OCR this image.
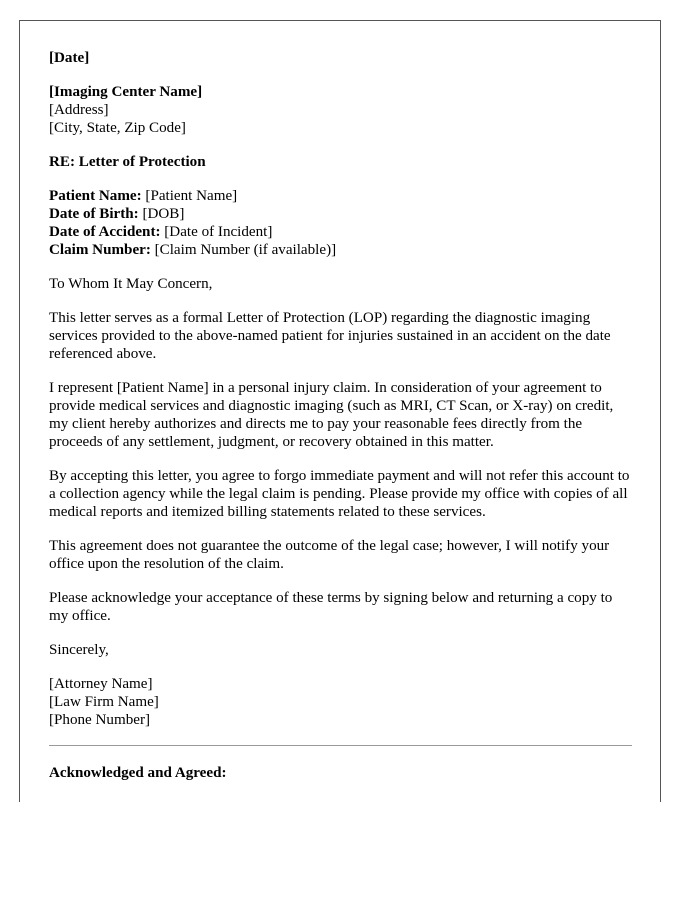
[Date]
[Imaging Center Name]
[Address]
[City, State, Zip Code]
RE: Letter of Protection
Patient Name: [Patient Name]
Date of Birth: [DOB]
Date of Accident: [Date of Incident]
Claim Number: [Claim Number (if available)]

To Whom It May Concern,

This letter serves as a formal Letter of Protection (LOP) regarding the diagnostic imaging services provided to the above-named patient for injuries sustained in an accident on the date referenced above.

I represent [Patient Name] in a personal injury claim. In consideration of your agreement to provide medical services and diagnostic imaging (such as MRI, CT Scan, or X-ray) on credit, my client hereby authorizes and directs me to pay your reasonable fees directly from the proceeds of any settlement, judgment, or recovery obtained in this matter.

By accepting this letter, you agree to forgo immediate payment and will not refer this account to a collection agency while the legal claim is pending. Please provide my office with copies of all medical reports and itemized billing statements related to these services.

This agreement does not guarantee the outcome of the legal case; however, I will notify your office upon the resolution of the claim.

Please acknowledge your acceptance of these terms by signing below and returning a copy to my office.

Sincerely,

[Attorney Name]
[Law Firm Name]
[Phone Number]
Acknowledged and Agreed:
